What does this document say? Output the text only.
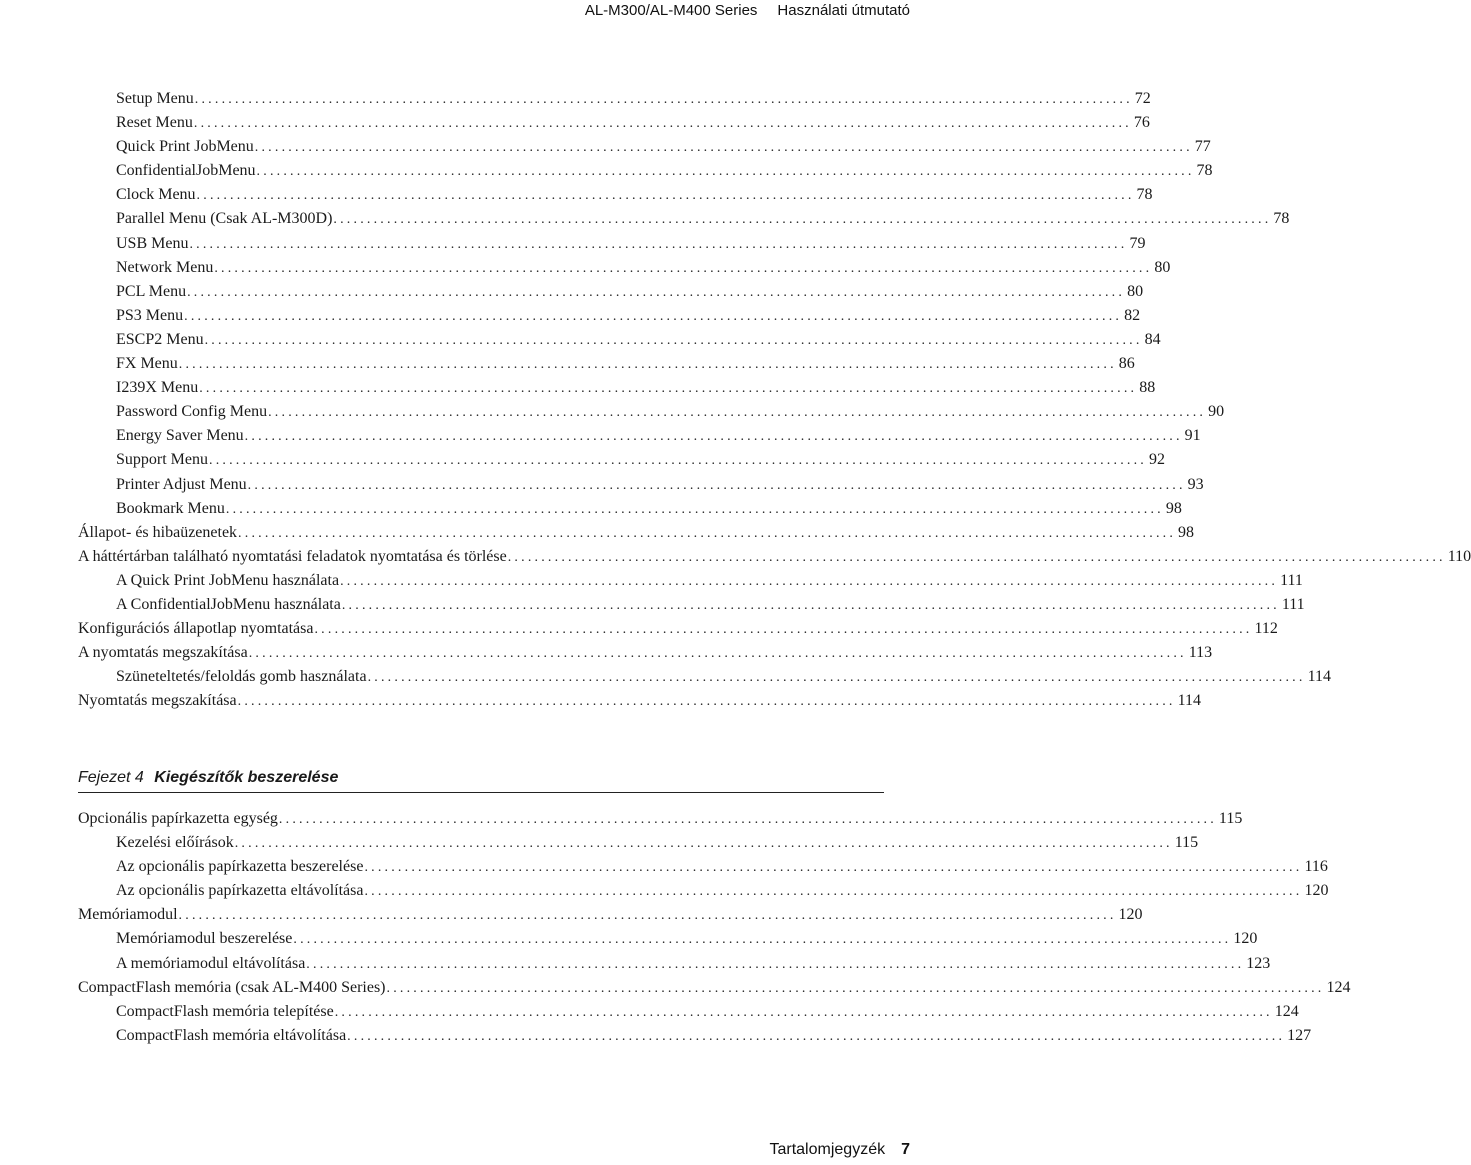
AL-M300/AL-M400 Series Használati útmutató
Setup Menu ............................................................................................................................................ 72
Reset Menu ............................................................................................................................................ 76
Quick Print JobMenu ............................................................................................................................................ 77
ConfidentialJobMenu ............................................................................................................................................ 78
Clock Menu ............................................................................................................................................ 78
Parallel Menu (Csak AL-M300D) ............................................................................................................................................ 78
USB Menu ............................................................................................................................................ 79
Network Menu ............................................................................................................................................ 80
PCL Menu ............................................................................................................................................ 80
PS3 Menu ............................................................................................................................................ 82
ESCP2 Menu ............................................................................................................................................ 84
FX Menu ............................................................................................................................................ 86
I239X Menu ............................................................................................................................................ 88
Password Config Menu ............................................................................................................................................ 90
Energy Saver Menu ............................................................................................................................................ 91
Support Menu ............................................................................................................................................ 92
Printer Adjust Menu ............................................................................................................................................ 93
Bookmark Menu ............................................................................................................................................ 98
Állapot- és hibaüzenetek ............................................................................................................................................ 98
A háttértárban található nyomtatási feladatok nyomtatása és törlése ............................................................................................................................................ 110
A Quick Print JobMenu használata ............................................................................................................................................ 111
A ConfidentialJobMenu használata ............................................................................................................................................ 111
Konfigurációs állapotlap nyomtatása ............................................................................................................................................ 112
A nyomtatás megszakítása ............................................................................................................................................ 113
Szüneteltetés/feloldás gomb használata ............................................................................................................................................ 114
Nyomtatás megszakítása ............................................................................................................................................ 114
Fejezet 4 Kiegészítők beszerelése
Opcionális papírkazetta egység ............................................................................................................................................ 115
Kezelési előírások ............................................................................................................................................ 115
Az opcionális papírkazetta beszerelése ............................................................................................................................................ 116
Az opcionális papírkazetta eltávolítása ............................................................................................................................................ 120
Memóriamodul ............................................................................................................................................ 120
Memóriamodul beszerelése ............................................................................................................................................ 120
A memóriamodul eltávolítása ............................................................................................................................................ 123
CompactFlash memória (csak AL-M400 Series) ............................................................................................................................................ 124
CompactFlash memória telepítése ............................................................................................................................................ 124
CompactFlash memória eltávolítása ............................................................................................................................................ 127
Tartalomjegyzék 7
